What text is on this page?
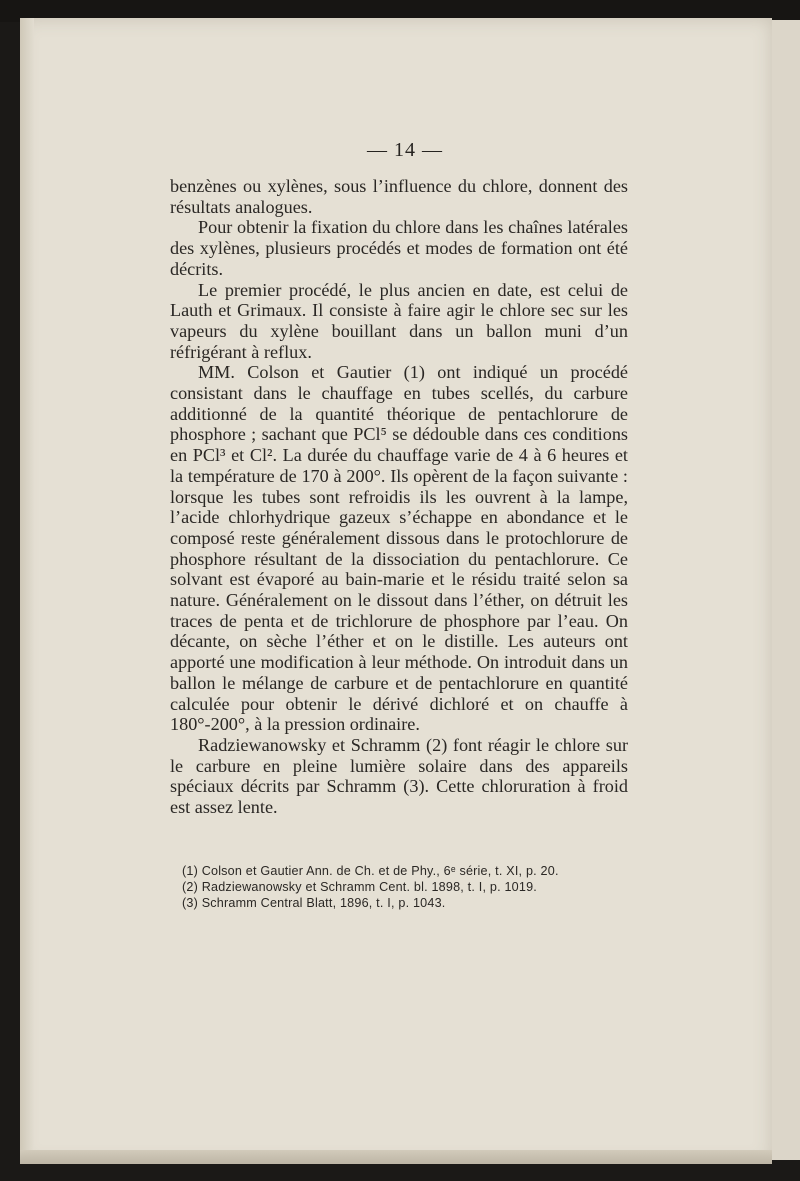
— 14 —

benzènes ou xylènes, sous l’influence du chlore, donnent des résultats analogues.

Pour obtenir la fixation du chlore dans les chaînes latérales des xylènes, plusieurs procédés et modes de formation ont été décrits.

Le premier procédé, le plus ancien en date, est celui de Lauth et Grimaux. Il consiste à faire agir le chlore sec sur les vapeurs du xylène bouillant dans un ballon muni d’un réfrigérant à reflux.

MM. Colson et Gautier (1) ont indiqué un procédé consistant dans le chauffage en tubes scellés, du carbure additionné de la quantité théorique de pentachlorure de phosphore ; sachant que PCl⁵ se dédouble dans ces conditions en PCl³ et Cl². La durée du chauffage varie de 4 à 6 heures et la température de 170 à 200°. Ils opèrent de la façon suivante : lorsque les tubes sont refroidis ils les ouvrent à la lampe, l’acide chlorhydrique gazeux s’échappe en abondance et le composé reste généralement dissous dans le protochlorure de phosphore résultant de la dissociation du pentachlorure. Ce solvant est évaporé au bain-marie et le résidu traité selon sa nature. Généralement on le dissout dans l’éther, on détruit les traces de penta et de trichlorure de phosphore par l’eau. On décante, on sèche l’éther et on le distille. Les auteurs ont apporté une modification à leur méthode. On introduit dans un ballon le mélange de carbure et de pentachlorure en quantité calculée pour obtenir le dérivé dichloré et on chauffe à 180°-200°, à la pression ordinaire.

Radziewanowsky et Schramm (2) font réagir le chlore sur le carbure en pleine lumière solaire dans des appareils spéciaux décrits par Schramm (3). Cette chloruration à froid est assez lente.

(1) Colson et Gautier Ann. de Ch. et de Phy., 6ᵉ série, t. XI, p. 20.
(2) Radziewanowsky et Schramm Cent. bl. 1898, t. I, p. 1019.
(3) Schramm Central Blatt, 1896, t. I, p. 1043.
